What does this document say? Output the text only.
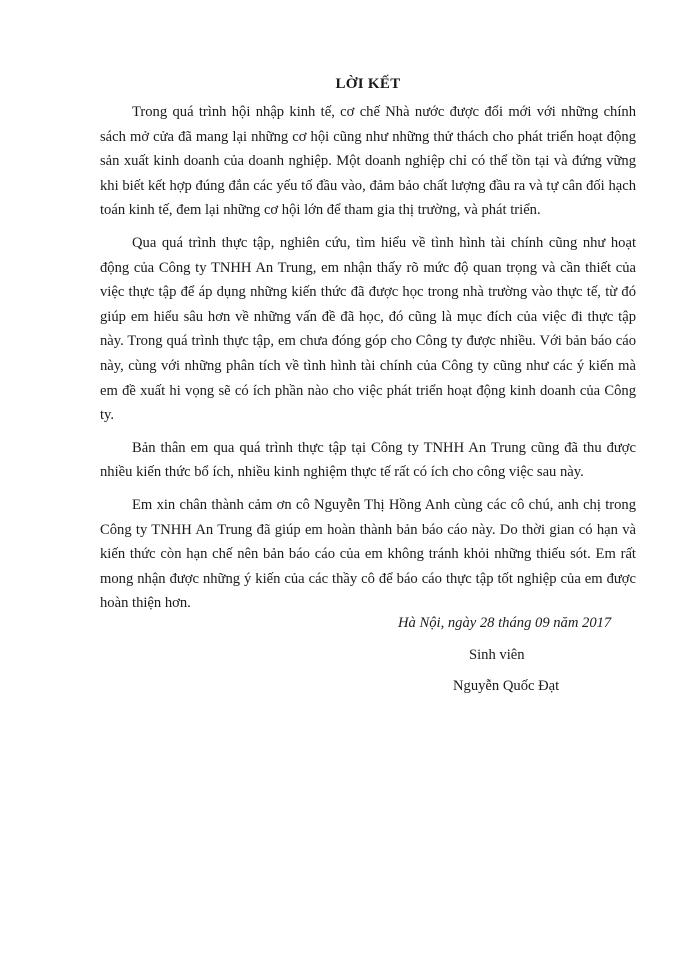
LỜI KẾT

Trong quá trình hội nhập kinh tế, cơ chế Nhà nước được đổi mới với những chính sách mở cửa đã mang lại những cơ hội cũng như những thử thách cho phát triển hoạt động sản xuất kinh doanh của doanh nghiệp. Một doanh nghiệp chỉ có thể tồn tại và đứng vững khi biết kết hợp đúng đắn các yếu tố đầu vào, đảm bảo chất lượng đầu ra và tự cân đối hạch toán kinh tế, đem lại những cơ hội lớn để tham gia thị trường, và phát triển.

Qua quá trình thực tập, nghiên cứu, tìm hiểu về tình hình tài chính cũng như hoạt động của Công ty TNHH An Trung, em nhận thấy rõ mức độ quan trọng và cần thiết của việc thực tập để áp dụng những kiến thức đã được học trong nhà trường vào thực tế, từ đó giúp em hiểu sâu hơn về những vấn đề đã học, đó cũng là mục đích của việc đi thực tập này. Trong quá trình thực tập, em chưa đóng góp cho Công ty được nhiều. Với bản báo cáo này, cùng với những phân tích về tình hình tài chính của Công ty cũng như các ý kiến mà em đề xuất hi vọng sẽ có ích phần nào cho việc phát triển hoạt động kinh doanh của Công ty.

Bản thân em qua quá trình thực tập tại Công ty TNHH An Trung cũng đã thu được nhiều kiến thức bổ ích, nhiều kinh nghiệm thực tế rất có ích cho công việc sau này.

Em xin chân thành cảm ơn cô Nguyễn Thị Hồng Anh cùng các cô chú, anh chị trong Công ty TNHH An Trung đã giúp em hoàn thành bản báo cáo này. Do thời gian có hạn và kiến thức còn hạn chế nên bản báo cáo của em không tránh khỏi những thiếu sót. Em rất mong nhận được những ý kiến của các thầy cô để báo cáo thực tập tốt nghiệp của em được hoàn thiện hơn.

Hà Nội, ngày 28 tháng 09 năm 2017
Sinh viên
Nguyễn Quốc Đạt
